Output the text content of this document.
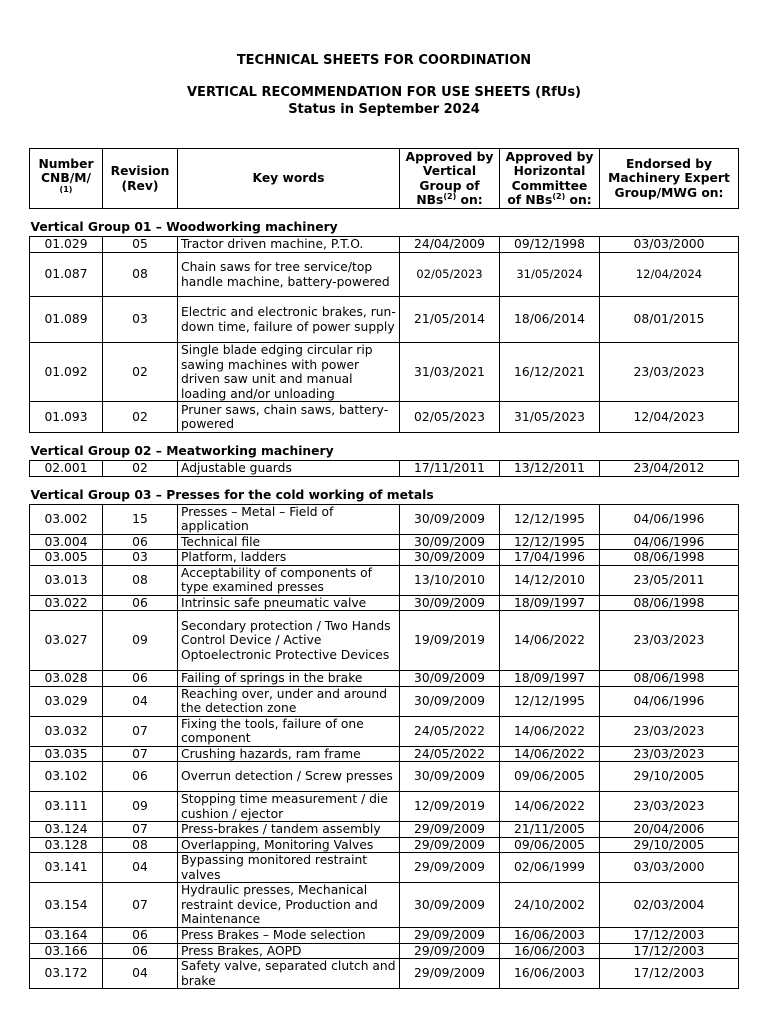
TECHNICAL SHEETS FOR COORDINATION
VERTICAL RECOMMENDATION FOR USE SHEETS (RfUs)
Status in September 2024
Number
CNB/M/
$^{(1)}$	Revision (Rev)	Key words	Approved by Vertical Group of NBs$^{(2)}$ on:	Approved by Horizontal Committee of NBs$^{(2)}$ on:	Endorsed by Machinery Expert Group/MWG on:
Vertical Group 01 – Woodworking machinery					
01.029	05	Tractor driven machine, P.T.O.	24/04/2009	09/12/1998	03/03/2000
01.087	08	Chain saws for tree service/top handle machine, battery-powered	02/05/2023	31/05/2024	12/04/2024
01.089	03	Electric and electronic brakes, run-down time, failure of power supply	21/05/2014	18/06/2014	08/01/2015
01.092	02	Single blade edging circular rip sawing machines with power driven saw unit and manual loading and/or unloading	31/03/2021	16/12/2021	23/03/2023
01.093	02	Pruner saws, chain saws, battery-powered	02/05/2023	31/05/2023	12/04/2023
Vertical Group 02 – Meatworking machinery					
02.001	02	Adjustable guards	17/11/2011	13/12/2011	23/04/2012
Vertical Group 03 – Presses for the cold working of metals					
03.002	15	Presses – Metal – Field of application	30/09/2009	12/12/1995	04/06/1996
03.004	06	Technical file	30/09/2009	12/12/1995	04/06/1996
03.005	03	Platform, ladders	30/09/2009	17/04/1996	08/06/1998
03.013	08	Acceptability of components of type examined presses	13/10/2010	14/12/2010	23/05/2011
03.022	06	Intrinsic safe pneumatic valve	30/09/2009	18/09/1997	08/06/1998
03.027	09	Secondary protection / Two Hands Control Device / Active Optoelectronic Protective Devices	19/09/2019	14/06/2022	23/03/2023
03.028	06	Failing of springs in the brake	30/09/2009	18/09/1997	08/06/1998
03.029	04	Reaching over, under and around the detection zone	30/09/2009	12/12/1995	04/06/1996
03.032	07	Fixing the tools, failure of one component	24/05/2022	14/06/2022	23/03/2023
03.035	07	Crushing hazards, ram frame	24/05/2022	14/06/2022	23/03/2023
03.102	06	Overrun detection / Screw presses	30/09/2009	09/06/2005	29/10/2005
03.111	09	Stopping time measurement / die cushion / ejector	12/09/2019	14/06/2022	23/03/2023
03.124	07	Press-brakes / tandem assembly	29/09/2009	21/11/2005	20/04/2006
03.128	08	Overlapping, Monitoring Valves	29/09/2009	09/06/2005	29/10/2005
03.141	04	Bypassing monitored restraint valves	29/09/2009	02/06/1999	03/03/2000
03.154	07	Hydraulic presses, Mechanical restraint device, Production and Maintenance	30/09/2009	24/10/2002	02/03/2004
03.164	06	Press Brakes – Mode selection	29/09/2009	16/06/2003	17/12/2003
03.166	06	Press Brakes, AOPD	29/09/2009	16/06/2003	17/12/2003
03.172	04	Safety valve, separated clutch and brake	29/09/2009	16/06/2003	17/12/2003
